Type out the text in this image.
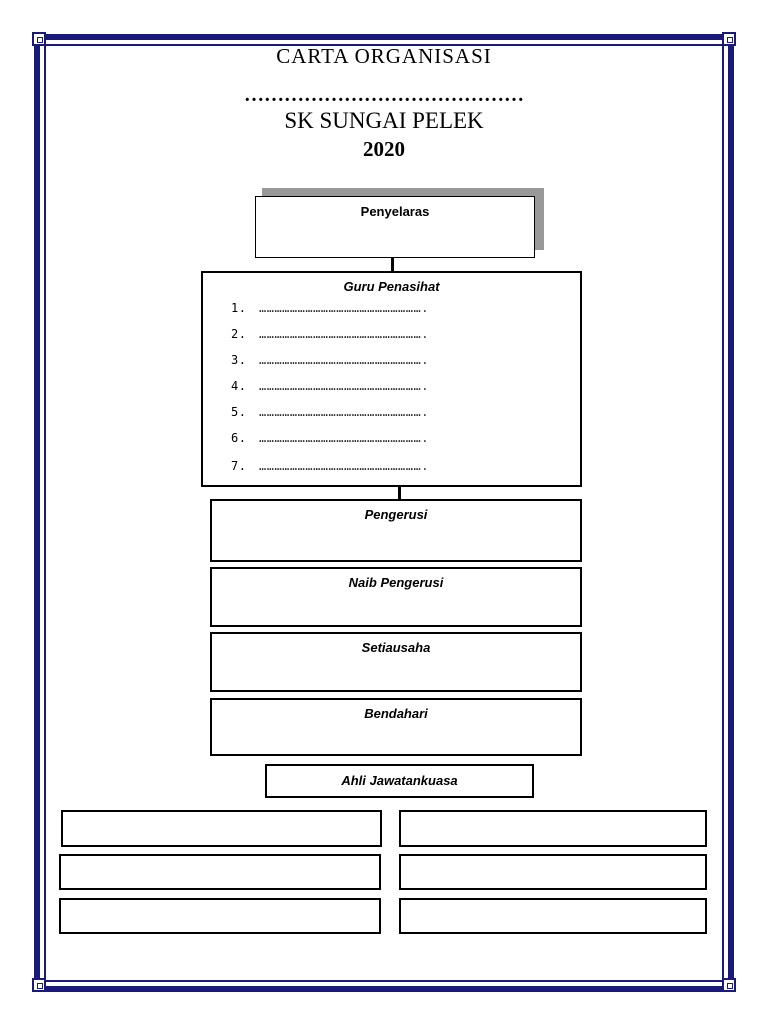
CARTA ORGANISASI
……………………………………
SK SUNGAI PELEK
2020
Penyelaras
Guru Penasihat
1. ……………………………………………………….
2. ……………………………………………………….
3. ……………………………………………………….
4. ……………………………………………………….
5. ……………………………………………………….
6. ……………………………………………………….
7. ……………………………………………………….
Pengerusi
Naib Pengerusi
Setiausaha
Bendahari
Ahli Jawatankuasa
